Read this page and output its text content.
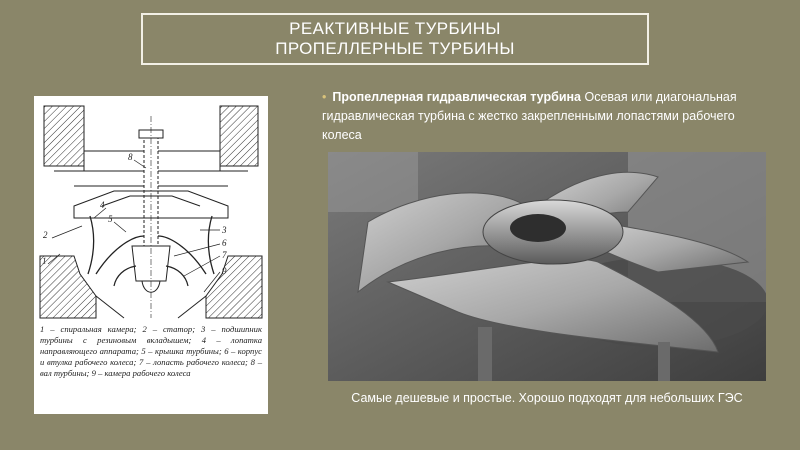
РЕАКТИВНЫЕ ТУРБИНЫ
ПРОПЕЛЛЕРНЫЕ ТУРБИНЫ
1
2	3
4
5
6
7
8
9
1 – спиральная камера; 2 – статор; 3 – подшипник турбины с резиновым вкладышем; 4 – лопатка направляющего аппарата; 5 – крышка турбины; 6 – корпус и втулка рабочего колеса; 7 – лопасть рабочего колеса; 8 – вал турбины; 9 – камера рабочего колеса
• Пропеллерная гидравлическая турбина Осевая или диагональная гидравлическая турбина с жестко закрепленными лопастями рабочего колеса
Самые дешевые и простые. Хорошо подходят для небольших ГЭС
